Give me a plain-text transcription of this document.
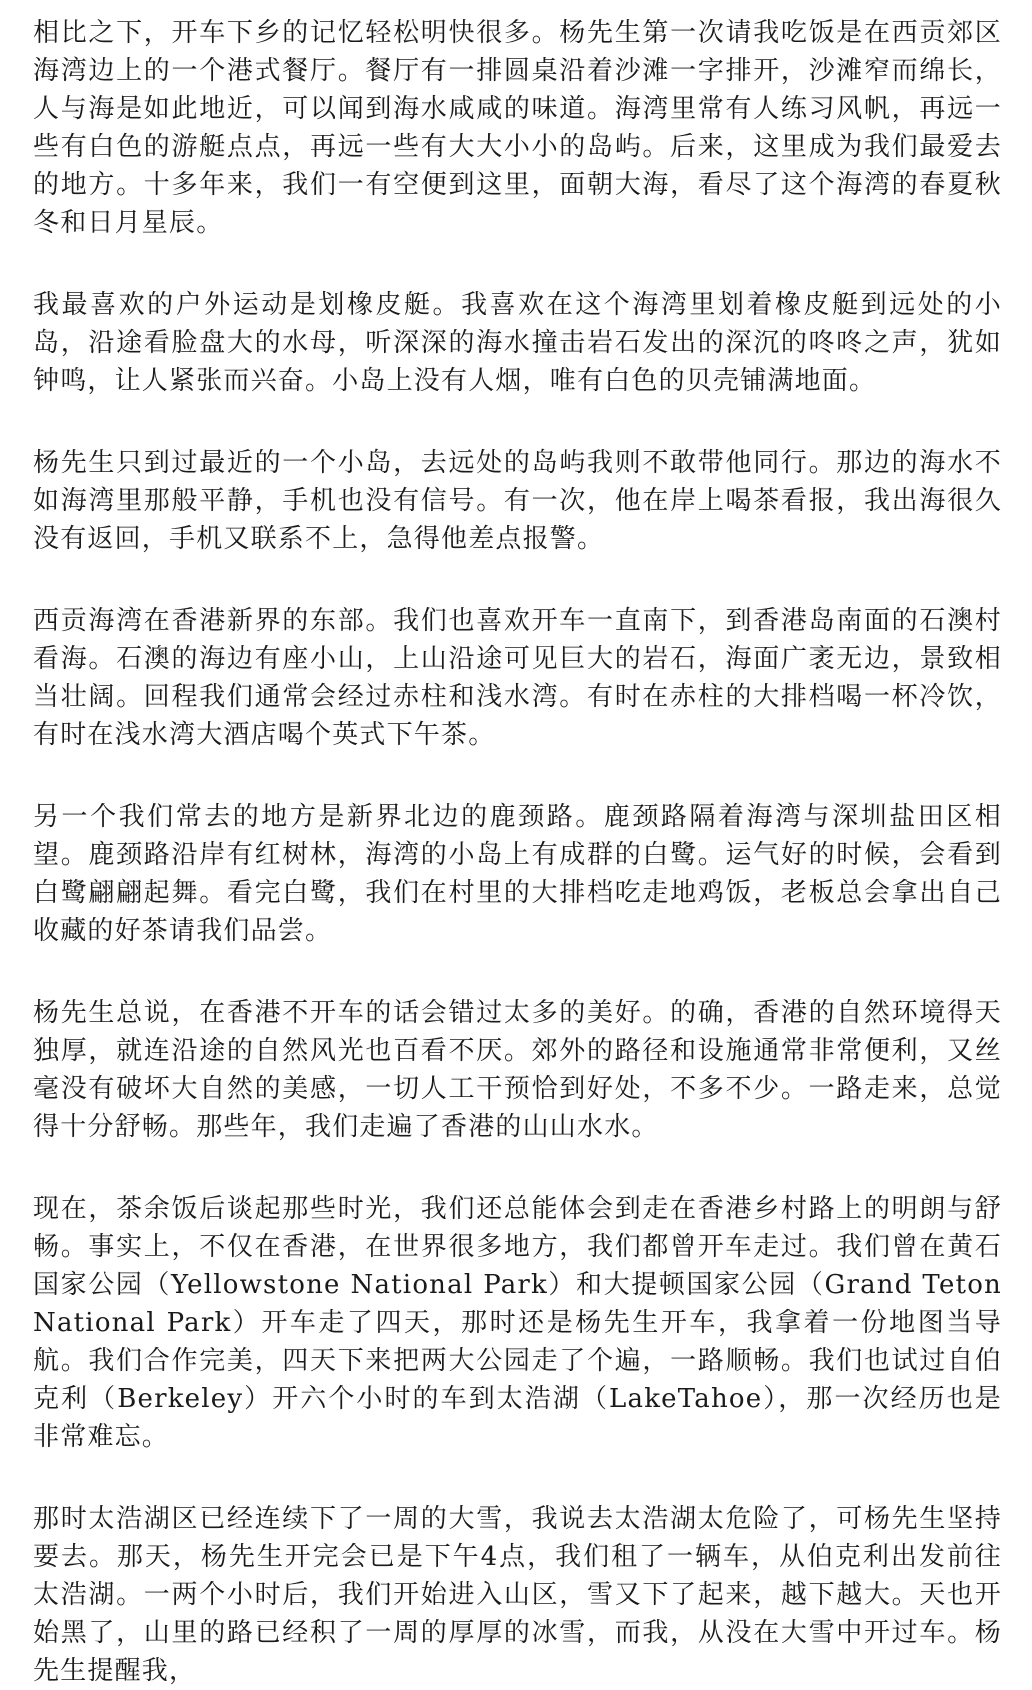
相比之下，开车下乡的记忆轻松明快很多。杨先生第一次请我吃饭是在西贡郊区海湾边上的一个港式餐厅。餐厅有一排圆桌沿着沙滩一字排开，沙滩窄而绵长，人与海是如此地近，可以闻到海水咸咸的味道。海湾里常有人练习风帆，再远一些有白色的游艇点点，再远一些有大大小小的岛屿。后来，这里成为我们最爱去的地方。十多年来，我们一有空便到这里，面朝大海，看尽了这个海湾的春夏秋冬和日月星辰。

我最喜欢的户外运动是划橡皮艇。我喜欢在这个海湾里划着橡皮艇到远处的小岛，沿途看脸盘大的水母，听深深的海水撞击岩石发出的深沉的咚咚之声，犹如钟鸣，让人紧张而兴奋。小岛上没有人烟，唯有白色的贝壳铺满地面。

杨先生只到过最近的一个小岛，去远处的岛屿我则不敢带他同行。那边的海水不如海湾里那般平静，手机也没有信号。有一次，他在岸上喝茶看报，我出海很久没有返回，手机又联系不上，急得他差点报警。

西贡海湾在香港新界的东部。我们也喜欢开车一直南下，到香港岛南面的石澳村看海。石澳的海边有座小山，上山沿途可见巨大的岩石，海面广袤无边，景致相当壮阔。回程我们通常会经过赤柱和浅水湾。有时在赤柱的大排档喝一杯冷饮，有时在浅水湾大酒店喝个英式下午茶。

另一个我们常去的地方是新界北边的鹿颈路。鹿颈路隔着海湾与深圳盐田区相望。鹿颈路沿岸有红树林，海湾的小岛上有成群的白鹭。运气好的时候，会看到白鹭翩翩起舞。看完白鹭，我们在村里的大排档吃走地鸡饭，老板总会拿出自己收藏的好茶请我们品尝。

杨先生总说，在香港不开车的话会错过太多的美好。的确，香港的自然环境得天独厚，就连沿途的自然风光也百看不厌。郊外的路径和设施通常非常便利，又丝毫没有破坏大自然的美感，一切人工干预恰到好处，不多不少。一路走来，总觉得十分舒畅。那些年，我们走遍了香港的山山水水。

现在，茶余饭后谈起那些时光，我们还总能体会到走在香港乡村路上的明朗与舒畅。事实上，不仅在香港，在世界很多地方，我们都曾开车走过。我们曾在黄石国家公园（Yellowstone National Park）和大提顿国家公园（Grand Teton National Park）开车走了四天，那时还是杨先生开车，我拿着一份地图当导航。我们合作完美，四天下来把两大公园走了个遍，一路顺畅。我们也试过自伯克利（Berkeley）开六个小时的车到太浩湖（LakeTahoe），那一次经历也是非常难忘。

那时太浩湖区已经连续下了一周的大雪，我说去太浩湖太危险了，可杨先生坚持要去。那天，杨先生开完会已是下午4点，我们租了一辆车，从伯克利出发前往太浩湖。一两个小时后，我们开始进入山区，雪又下了起来，越下越大。天也开始黑了，山里的路已经积了一周的厚厚的冰雪，而我，从没在大雪中开过车。杨先生提醒我，
